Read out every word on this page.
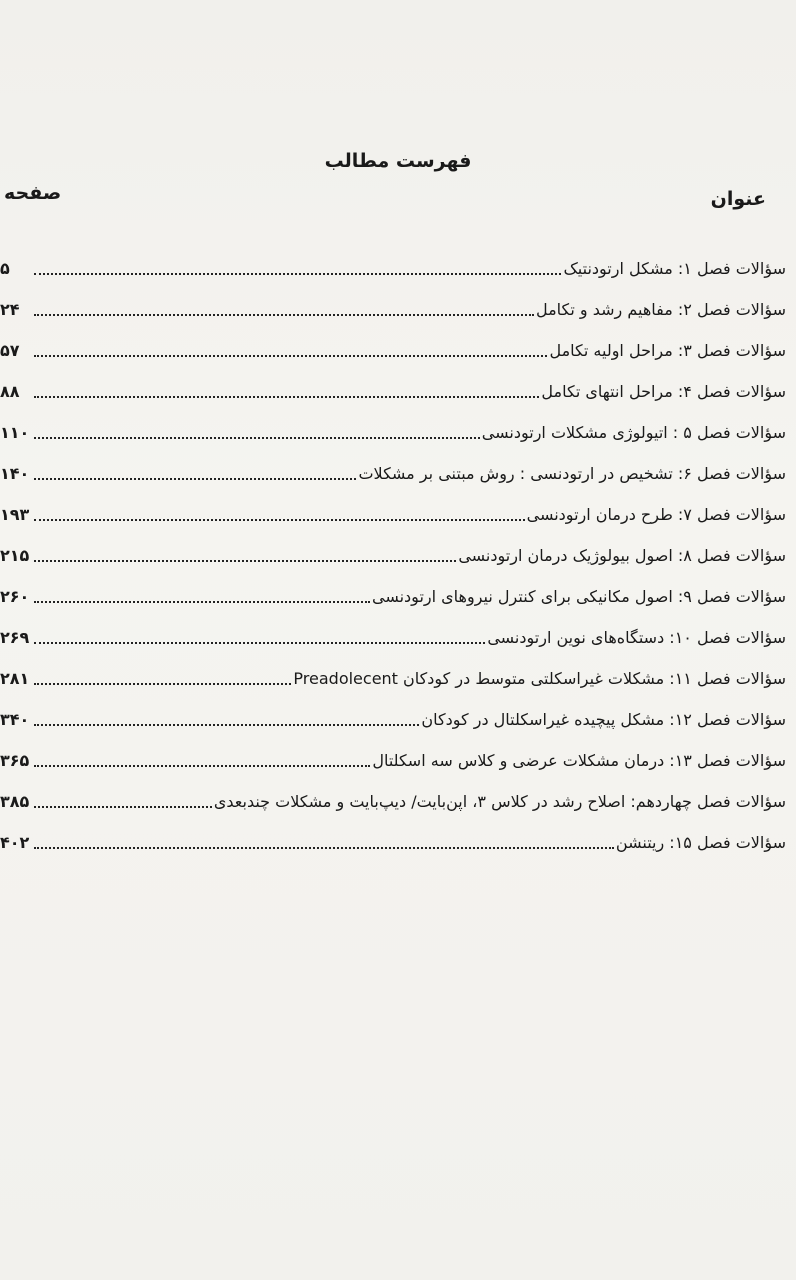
فهرست مطالب
عنوان
صفحه
سؤالات فصل ۱: مشکل ارتودنتیک
۵
سؤالات فصل ۲: مفاهیم رشد و تکامل
۲۴
سؤالات فصل ۳: مراحل اولیه تکامل
۵۷
سؤالات فصل ۴: مراحل انتهای تکامل
۸۸
سؤالات فصل ۵ : اتیولوژی مشکلات ارتودنسی
۱۱۰
سؤالات فصل ۶: تشخیص در ارتودنسی : روش مبتنی بر مشکلات
۱۴۰
سؤالات فصل ۷: طرح درمان ارتودنسی
۱۹۳
سؤالات فصل ۸: اصول بیولوژیک درمان ارتودنسی
۲۱۵
سؤالات فصل ۹: اصول مکانیکی برای کنترل نیروهای ارتودنسی
۲۶۰
سؤالات فصل ۱۰: دستگاه‌های نوین ارتودنسی
۲۶۹
سؤالات فصل ۱۱: مشکلات غیراسکلتی متوسط در کودکان Preadolecent
۲۸۱
سؤالات فصل ۱۲: مشکل پیچیده غیراسکلتال در کودکان
۳۴۰
سؤالات فصل ۱۳: درمان مشکلات عرضی و کلاس سه اسکلتال
۳۶۵
سؤالات فصل چهاردهم: اصلاح رشد در کلاس ۳، اپن‌بایت/ دیپ‌بایت و مشکلات چندبعدی
۳۸۵
سؤالات فصل ۱۵: ریتنشن
۴۰۲
